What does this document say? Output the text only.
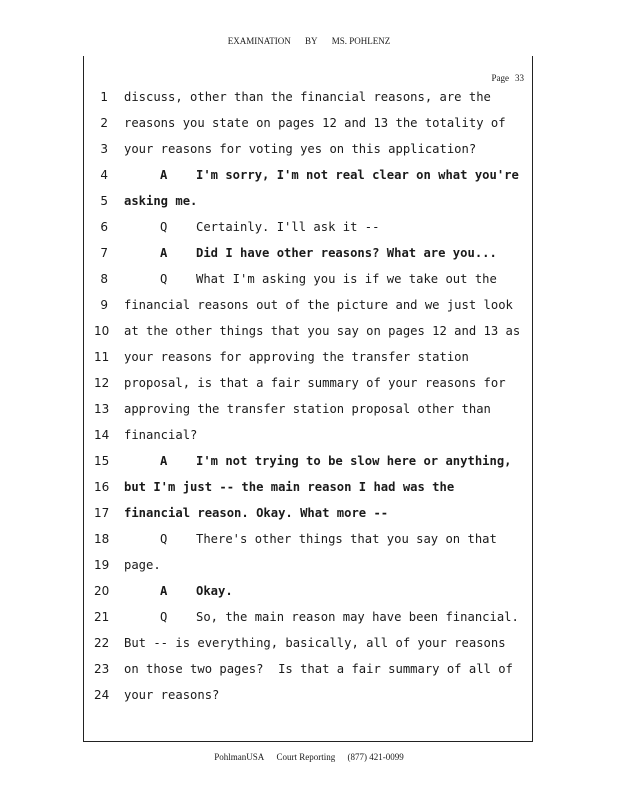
EXAMINATION BY MS. POHLENZ
Page 33
1 discuss, other than the financial reasons, are the
2 reasons you state on pages 12 and 13 the totality of
3 your reasons for voting yes on this application?
4	A I'm sorry, I'm not real clear on what you're
5 asking me.
6	Q Certainly. I'll ask it --
7	A Did I have other reasons? What are you...
8	Q What I'm asking you is if we take out the
9 financial reasons out of the picture and we just look
10 at the other things that you say on pages 12 and 13 as
11 your reasons for approving the transfer station
12 proposal, is that a fair summary of your reasons for
13 approving the transfer station proposal other than
14 financial?
15	A I'm not trying to be slow here or anything,
16 but I'm just -- the main reason I had was the
17 financial reason. Okay. What more --
18	Q There's other things that you say on that
19 page.
20	A Okay.
21	Q So, the main reason may have been financial.
22 But -- is everything, basically, all of your reasons
23 on those two pages?  Is that a fair summary of all of
24 your reasons?
PohlmanUSA Court Reporting (877) 421-0099
